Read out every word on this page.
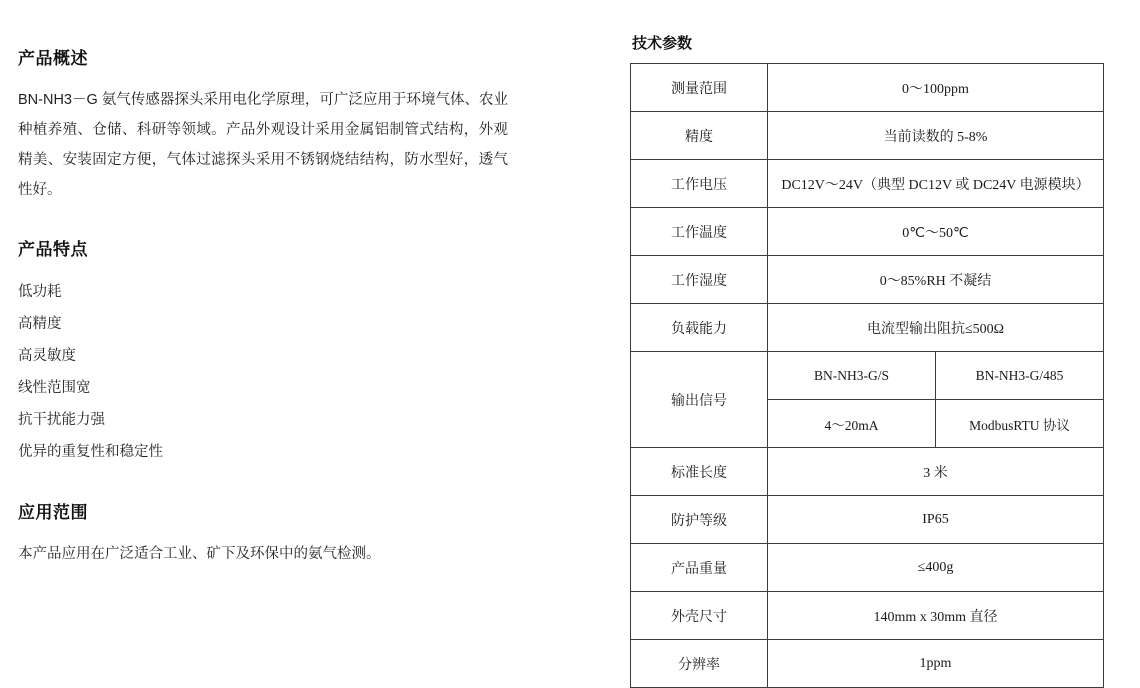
产品概述

BN-NH3－G 氨气传感器探头采用电化学原理，可广泛应用于环境气体、农业种植养殖、仓储、科研等领域。产品外观设计采用金属铝制管式结构，外观精美、安装固定方便，气体过滤探头采用不锈钢烧结结构，防水型好，透气性好。

产品特点
低功耗
高精度
高灵敏度
线性范围宽
抗干扰能力强
优异的重复性和稳定性
应用范围

本产品应用在广泛适合工业、矿下及环保中的氨气检测。

技术参数
测量范围	0～100ppm	
精度	当前读数的 5-8%	
工作电压	DC12V～24V（典型 DC12V 或 DC24V 电源模块）	
工作温度	0℃～50℃	
工作湿度	0～85%RH 不凝结	
负载能力	电流型输出阻抗≤500Ω	
输出信号	BN-NH3-G/S	BN-NH3-G/485
	4～20mA	ModbusRTU 协议
标准长度	3 米	
防护等级	IP65	
产品重量	≤400g	
外壳尺寸	140mm x 30mm 直径	
分辨率	1ppm	
